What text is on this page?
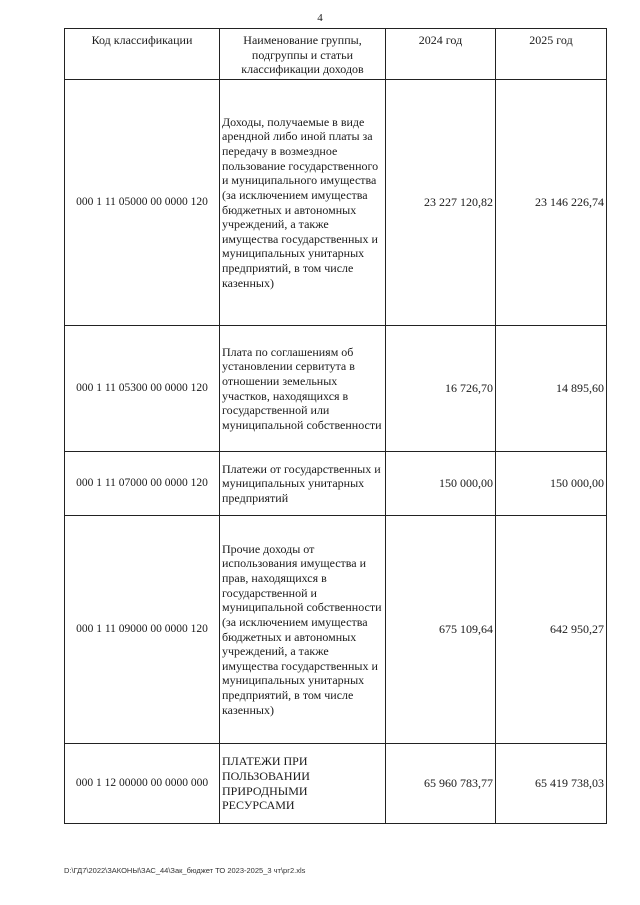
4
Код классификации	Наименование группы, подгруппы и статьи классификации доходов	2024 год	2025 год
000 1 11 05000 00 0000 120	Доходы, получаемые в виде арендной либо иной платы за передачу в возмездное пользование государственного и муниципального имущества (за исключением имущества бюджетных и автономных учреждений, а также имущества государственных и муниципальных унитарных предприятий, в том числе казенных)	23 227 120,82	23 146 226,74
000 1 11 05300 00 0000 120	Плата по соглашениям об установлении сервитута в отношении земельных участков, находящихся в государственной или муниципальной собственности	16 726,70	14 895,60
000 1 11 07000 00 0000 120	Платежи от государственных и муниципальных унитарных предприятий	150 000,00	150 000,00
000 1 11 09000 00 0000 120	Прочие доходы от использования имущества и прав, находящихся в государственной и муниципальной собственности (за исключением имущества бюджетных и автономных учреждений, а также имущества государственных и муниципальных унитарных предприятий, в том числе казенных)	675 109,64	642 950,27
000 1 12 00000 00 0000 000	ПЛАТЕЖИ ПРИ ПОЛЬЗОВАНИИ ПРИРОДНЫМИ РЕСУРСАМИ	65 960 783,77	65 419 738,03
D:\ГД7\2022\ЗАКОНЫ\ЗАС_44\Зак_бюджет ТО 2023-2025_3 чт\рг2.xls
